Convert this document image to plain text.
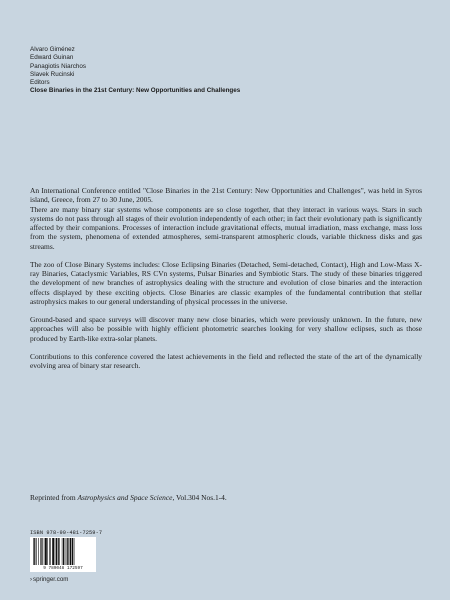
Alvaro Giménez
Edward Guinan
Panagiotis Niarchos
Slavek Rucinski
Editors
Close Binaries in the 21st Century: New Opportunities and Challenges

An International Conference entitled "Close Binaries in the 21st Century: New Opportunities and Challenges", was held in Syros island, Greece, from 27 to 30 June, 2005.

There are many binary star systems whose components are so close together, that they interact in various ways. Stars in such systems do not pass through all stages of their evolution independently of each other; in fact their evolutionary path is significantly affected by their companions. Processes of interaction include gravitational effects, mutual irradiation, mass exchange, mass loss from the system, phenomena of extended atmospheres, semi-transparent atmospheric clouds, variable thickness disks and gas streams.

The zoo of Close Binary Systems includes: Close Eclipsing Binaries (Detached, Semi-detached, Contact), High and Low-Mass X-ray Binaries, Cataclysmic Variables, RS CVn systems, Pulsar Binaries and Symbiotic Stars. The study of these binaries triggered the development of new branches of astrophysics dealing with the structure and evolution of close binaries and the interaction effects displayed by these exciting objects. Close Binaries are classic examples of the fundamental contribution that stellar astrophysics makes to our general understanding of physical processes in the universe.

Ground-based and space surveys will discover many new close binaries, which were previously unknown. In the future, new approaches will also be possible with highly efficient photometric searches looking for very shallow eclipses, such as those produced by Earth-like extra-solar planets.

Contributions to this conference covered the latest achievements in the field and reflected the state of the art of the dynamically evolving area of binary star research.

Reprinted from Astrophysics and Space Science, Vol.304 Nos.1-4.
ISBN 978-90-481-7259-7
9 789048 172597
›springer.com
